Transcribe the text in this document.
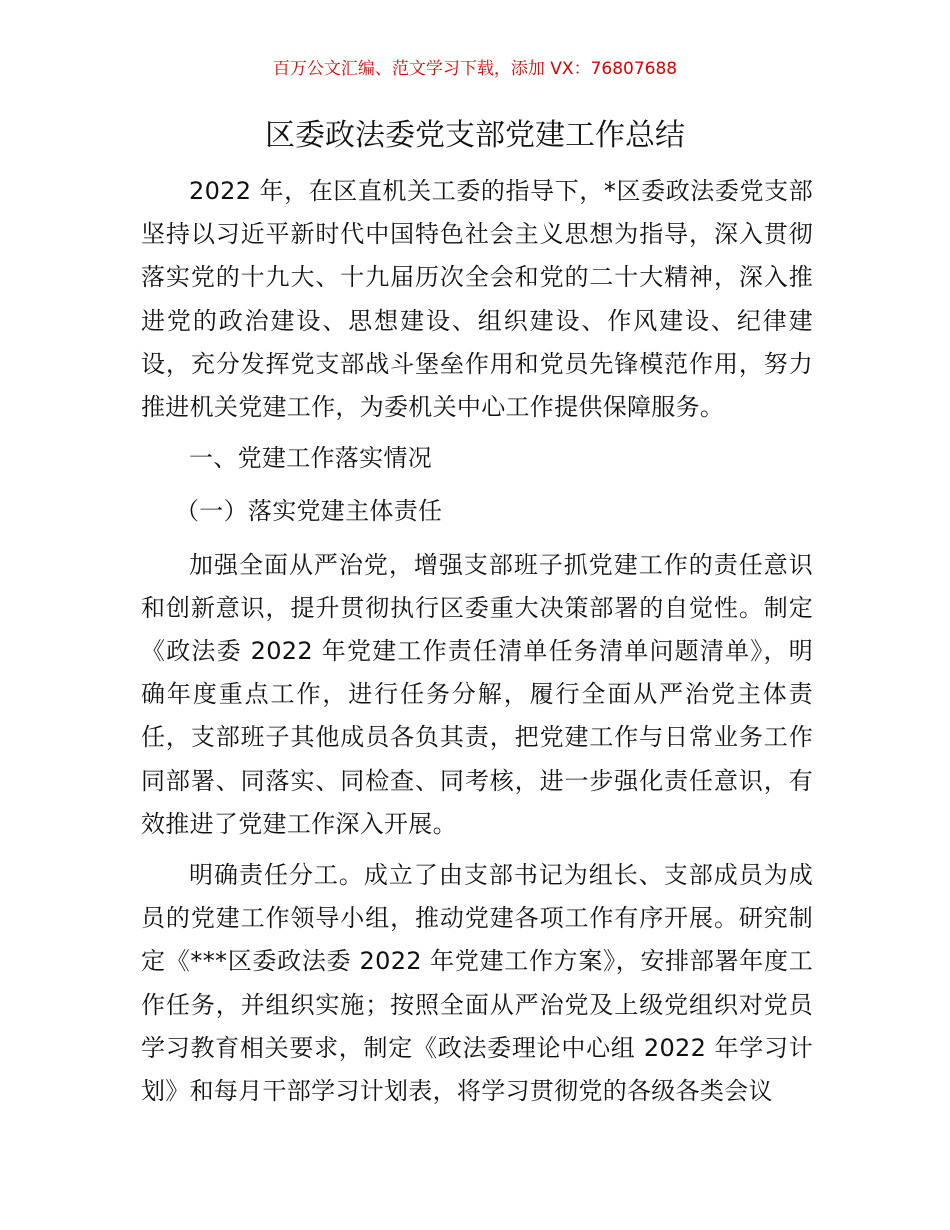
百万公文汇编、范文学习下载，添加 VX：76807688
区委政法委党支部党建工作总结

2022 年，在区直机关工委的指导下，*区委政法委党支部坚持以习近平新时代中国特色社会主义思想为指导，深入贯彻落实党的十九大、十九届历次全会和党的二十大精神，深入推进党的政治建设、思想建设、组织建设、作风建设、纪律建设，充分发挥党支部战斗堡垒作用和党员先锋模范作用，努力推进机关党建工作，为委机关中心工作提供保障服务。

一、党建工作落实情况

（一）落实党建主体责任

加强全面从严治党，增强支部班子抓党建工作的责任意识和创新意识，提升贯彻执行区委重大决策部署的自觉性。制定《政法委 2022 年党建工作责任清单任务清单问题清单》，明确年度重点工作，进行任务分解，履行全面从严治党主体责任，支部班子其他成员各负其责，把党建工作与日常业务工作同部署、同落实、同检查、同考核，进一步强化责任意识，有效推进了党建工作深入开展。

明确责任分工。成立了由支部书记为组长、支部成员为成员的党建工作领导小组，推动党建各项工作有序开展。研究制定《***区委政法委 2022 年党建工作方案》，安排部署年度工作任务，并组织实施；按照全面从严治党及上级党组织对党员学习教育相关要求，制定《政法委理论中心组 2022 年学习计划》和每月干部学习计划表，将学习贯彻党的各级各类会议
